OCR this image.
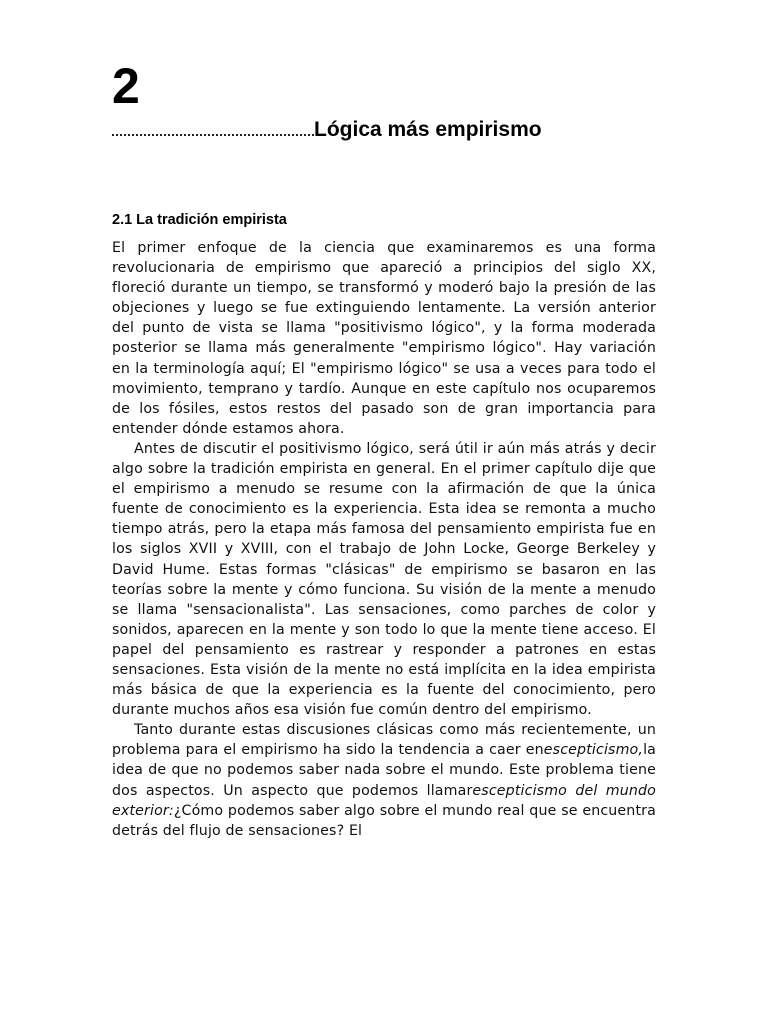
2
Lógica más empirismo
2.1 La tradición empirista

El primer enfoque de la ciencia que examinaremos es una forma revolucionaria de empirismo que apareció a principios del siglo XX, floreció durante un tiempo, se transformó y moderó bajo la presión de las objeciones y luego se fue extinguiendo lentamente. La versión anterior del punto de vista se llama "positivismo lógico", y la forma moderada posterior se llama más generalmente "empirismo lógico". Hay variación en la terminología aquí; El "empirismo lógico" se usa a veces para todo el movimiento, temprano y tardío. Aunque en este capítulo nos ocuparemos de los fósiles, estos restos del pasado son de gran importancia para entender dónde estamos ahora.

Antes de discutir el positivismo lógico, será útil ir aún más atrás y decir algo sobre la tradición empirista en general. En el primer capítulo dije que el empirismo a menudo se resume con la afirmación de que la única fuente de conocimiento es la experiencia. Esta idea se remonta a mucho tiempo atrás, pero la etapa más famosa del pensamiento empirista fue en los siglos XVII y XVIII, con el trabajo de John Locke, George Berkeley y David Hume. Estas formas "clásicas" de empirismo se basaron en las teorías sobre la mente y cómo funciona. Su visión de la mente a menudo se llama "sensacionalista". Las sensaciones, como parches de color y sonidos, aparecen en la mente y son todo lo que la mente tiene acceso. El papel del pensamiento es rastrear y responder a patrones en estas sensaciones. Esta visión de la mente no está implícita en la idea empirista más básica de que la experiencia es la fuente del conocimiento, pero durante muchos años esa visión fue común dentro del empirismo.

Tanto durante estas discusiones clásicas como más recientemente, un problema para el empirismo ha sido la tendencia a caer enescepticismo,la idea de que no podemos saber nada sobre el mundo. Este problema tiene dos aspectos. Un aspecto que podemos llamarescepticismo del mundo exterior:¿Cómo podemos saber algo sobre el mundo real que se encuentra detrás del flujo de sensaciones? El
